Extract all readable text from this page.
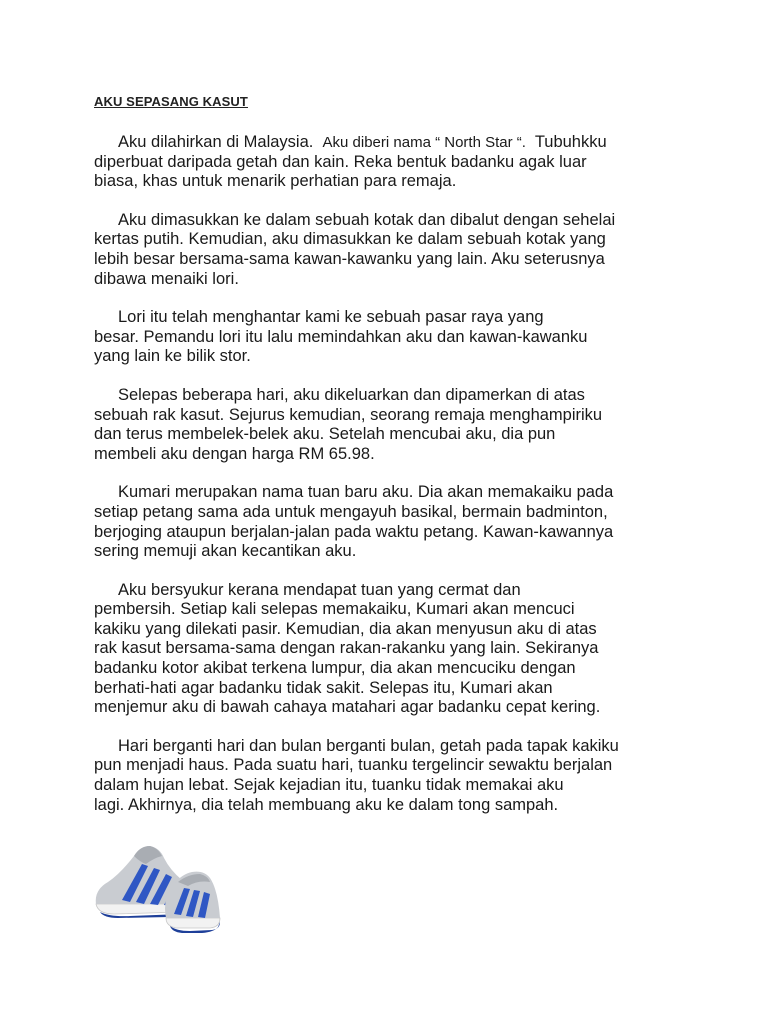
AKU SEPASANG KASUT

Aku dilahirkan di Malaysia. Aku diberi nama “ North Star “. Tubuhkku
diperbuat daripada getah dan kain. Reka bentuk badanku agak luar
biasa, khas untuk menarik perhatian para remaja.

Aku dimasukkan ke dalam sebuah kotak dan dibalut dengan sehelai
kertas putih. Kemudian, aku dimasukkan ke dalam sebuah kotak yang
lebih besar bersama-sama kawan-kawanku yang lain. Aku seterusnya
dibawa menaiki lori.

Lori itu telah menghantar kami ke sebuah pasar raya yang
besar. Pemandu lori itu lalu memindahkan aku dan kawan-kawanku
yang lain ke bilik stor.

Selepas beberapa hari, aku dikeluarkan dan dipamerkan di atas
sebuah rak kasut. Sejurus kemudian, seorang remaja menghampiriku
dan terus membelek-belek aku. Setelah mencubai aku, dia pun
membeli aku dengan harga RM 65.98.

Kumari merupakan nama tuan baru aku. Dia akan memakaiku pada
setiap petang sama ada untuk mengayuh basikal, bermain badminton,
berjoging ataupun berjalan-jalan pada waktu petang. Kawan-kawannya
sering memuji akan kecantikan aku.

Aku bersyukur kerana mendapat tuan yang cermat dan
pembersih. Setiap kali selepas memakaiku, Kumari akan mencuci
kakiku yang dilekati pasir. Kemudian, dia akan menyusun aku di atas
rak kasut bersama-sama dengan rakan-rakanku yang lain. Sekiranya
badanku kotor akibat terkena lumpur, dia akan mencuciku dengan
berhati-hati agar badanku tidak sakit. Selepas itu, Kumari akan
menjemur aku di bawah cahaya matahari agar badanku cepat kering.

Hari berganti hari dan bulan berganti bulan, getah pada tapak kakiku
pun menjadi haus. Pada suatu hari, tuanku tergelincir sewaktu berjalan
dalam hujan lebat. Sejak kejadian itu, tuanku tidak memakai aku
lagi. Akhirnya, dia telah membuang aku ke dalam tong sampah.
